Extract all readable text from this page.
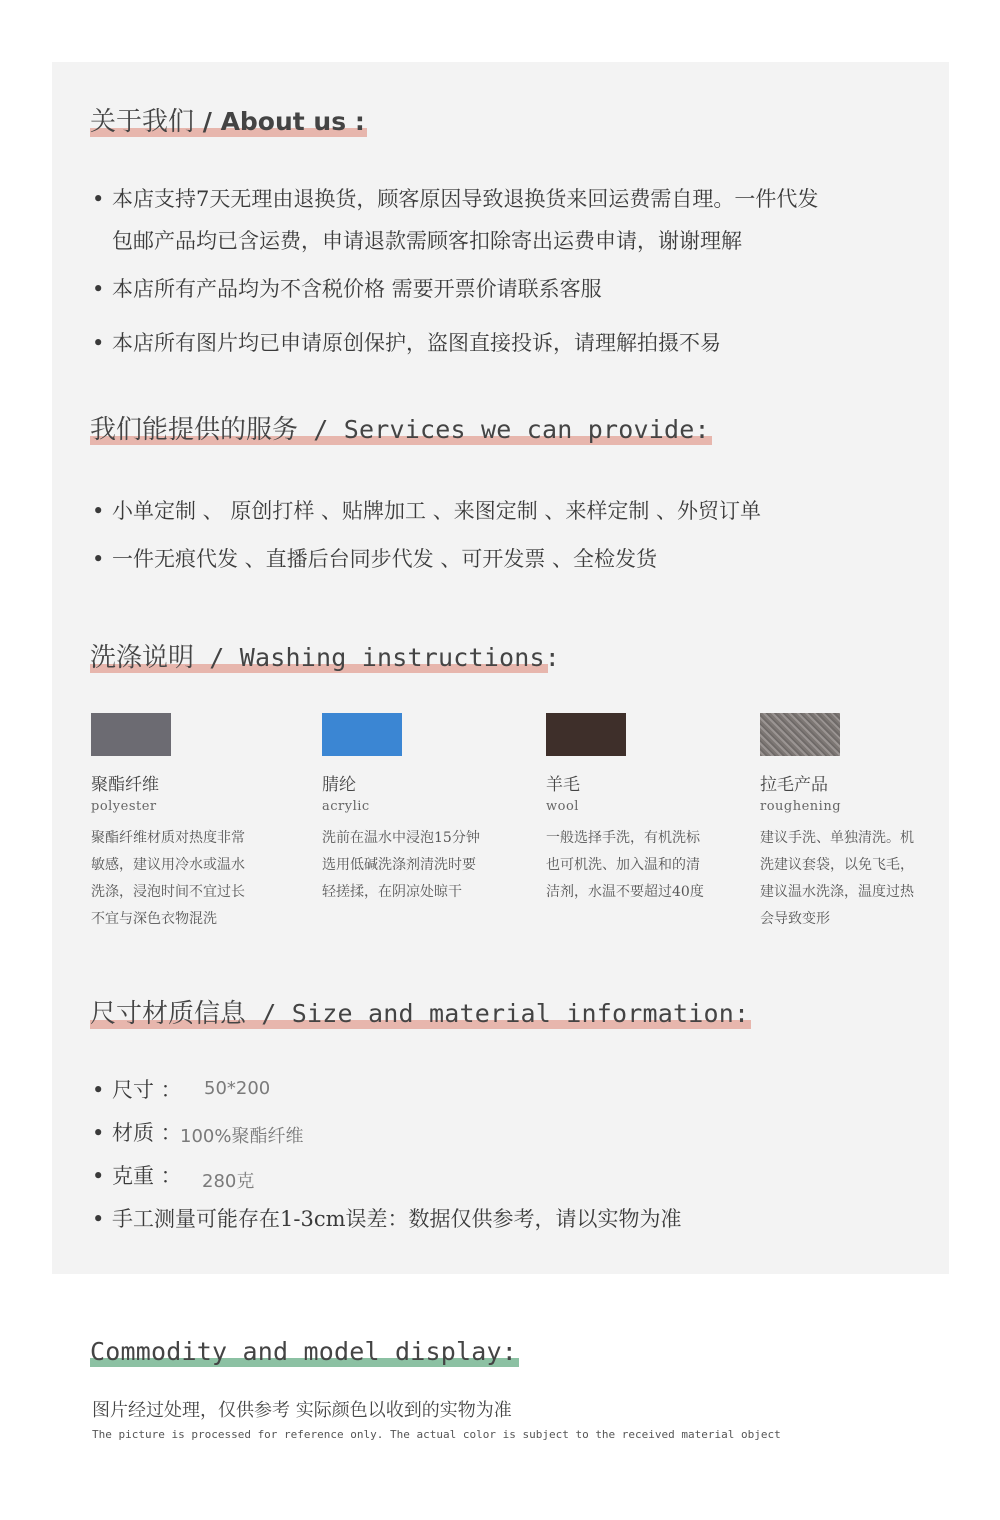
关于我们 / About us :

• 本店支持7天无理由退换货，顾客原因导致退换货来回运费需自理。一件代发
包邮产品均已含运费，申请退款需顾客扣除寄出运费申请，谢谢理解

• 本店所有产品均为不含税价格 需要开票价请联系客服

• 本店所有图片均已申请原创保护，盗图直接投诉，请理解拍摄不易

我们能提供的服务 / Services we can provide:

• 小单定制 、 原创打样 、贴牌加工 、来图定制 、来样定制 、外贸订单

• 一件无痕代发 、直播后台同步代发 、可开发票 、全检发货

洗涤说明 / Washing instructions:
聚酯纤维
polyester
聚酯纤维材质对热度非常敏感，建议用冷水或温水洗涤，浸泡时间不宜过长不宜与深色衣物混洗
腈纶
acrylic
洗前在温水中浸泡15分钟选用低碱洗涤剂清洗时要轻搓揉，在阴凉处晾干
羊毛
wool
一般选择手洗，有机洗标也可机洗、加入温和的清洁剂，水温不要超过40度
拉毛产品
roughening
建议手洗、单独清洗。机洗建议套袋，以免飞毛，建议温水洗涤，温度过热会导致变形
尺寸材质信息 / Size and material information:
• 尺寸 ： 50*200
• 材质 ：
100%聚酯纤维
• 克重 ： 280克

• 手工测量可能存在1-3cm误差：数据仅供参考，请以实物为准

Commodity and model display:
图片经过处理，仅供参考 实际颜色以收到的实物为准
The picture is processed for reference only. The actual color is subject to the received material object
